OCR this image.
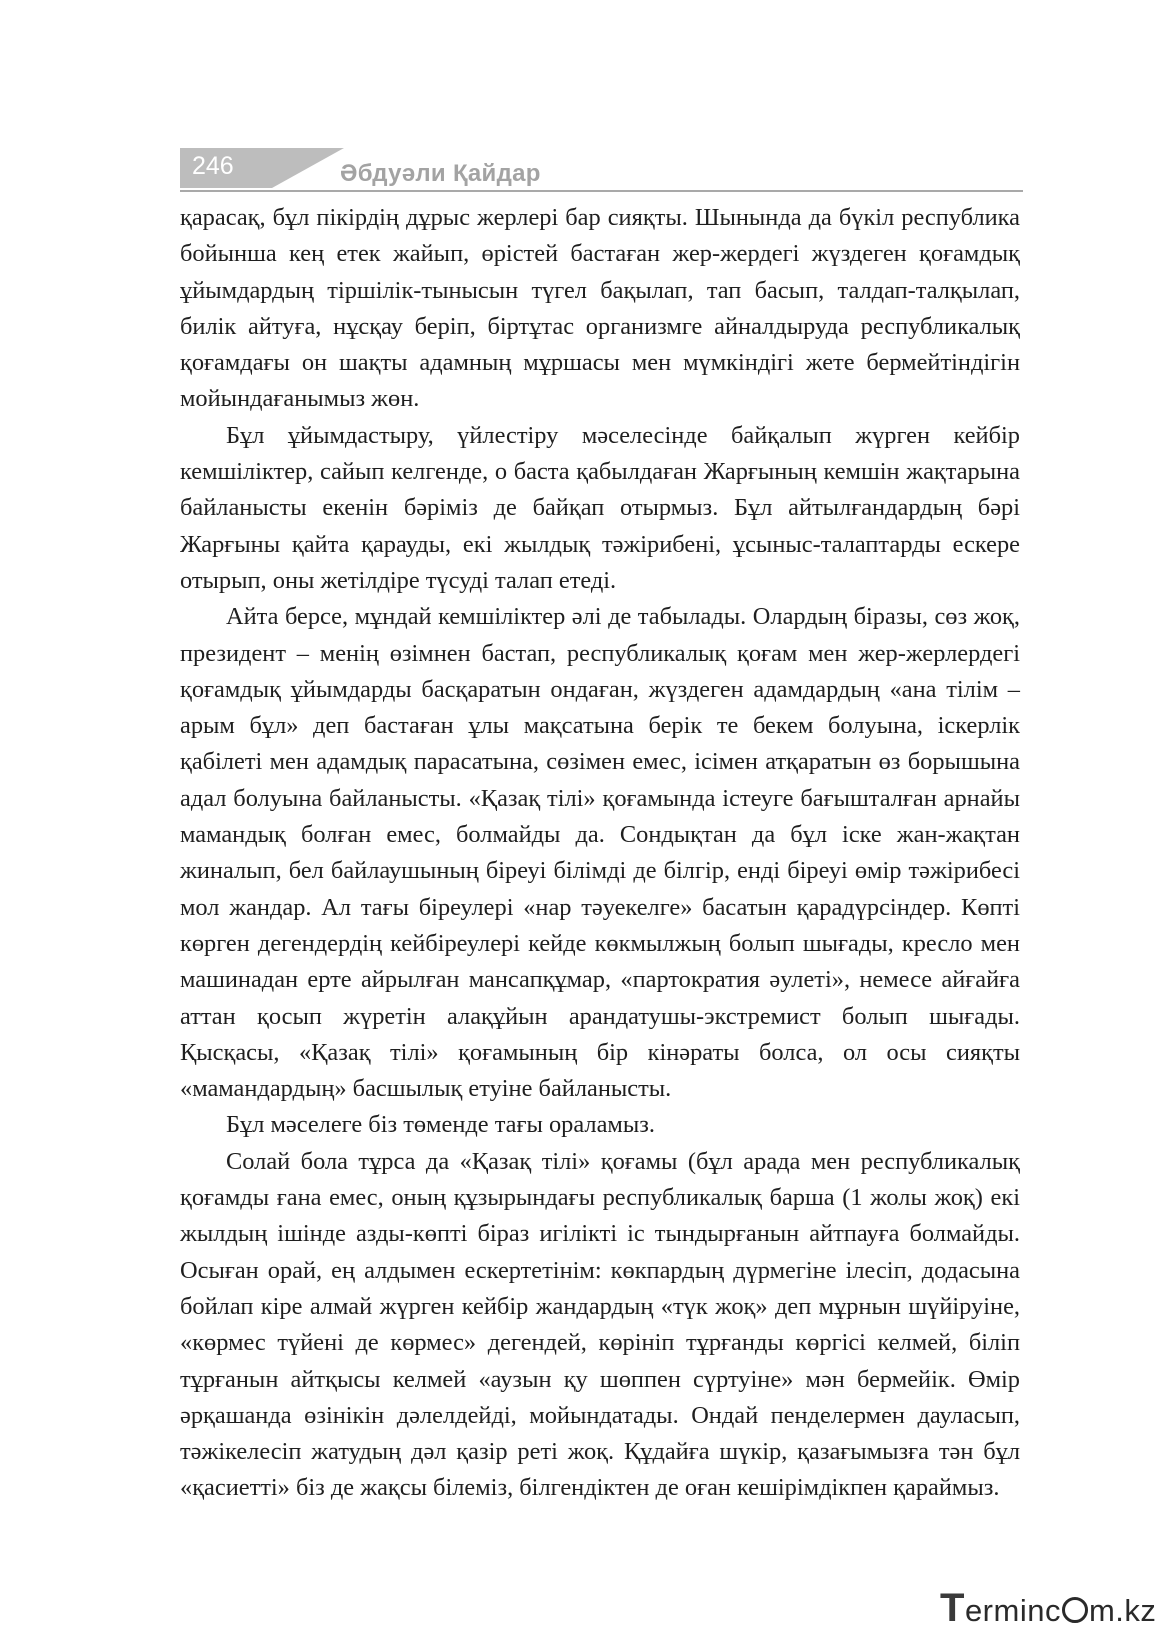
246	Әбдуәли Қайдар

қарасақ, бұл пікірдің дұрыс жерлері бар сияқты. Шынында да бүкіл республика бойынша кең етек жайып, өрістей бастаған жер-жердегі жүздеген қоғамдық ұйымдардың тіршілік-тынысын түгел бақылап, тап басып, талдап-талқылап, билік айтуға, нұсқау беріп, біртұтас организмге айналдыруда республикалық қоғамдағы он шақты адамның мұршасы мен мүмкіндігі жете бермейтіндігін мойындағанымыз жөн.

Бұл ұйымдастыру, үйлестіру мәселесінде байқалып жүрген кейбір кемшіліктер, сайып келгенде, о баста қабылдаған Жарғының кемшін жақтарына байланысты екенін бәріміз де байқап отырмыз. Бұл айтылғандардың бәрі Жарғыны қайта қарауды, екі жылдық тәжірибені, ұсыныс-талаптарды ескере отырып, оны жетілдіре түсуді талап етеді.

Айта берсе, мұндай кемшіліктер әлі де табылады. Олардың біразы, сөз жоқ, президент – менің өзімнен бастап, республикалық қоғам мен жер-жерлердегі қоғамдық ұйымдарды басқаратын ондаған, жүздеген адамдардың «ана тілім – арым бұл» деп бастаған ұлы мақсатына берік те бекем болуына, іскерлік қабілеті мен адамдық парасатына, сөзімен емес, ісімен атқаратын өз борышына адал болуына байланысты. «Қазақ тілі» қоғамында істеуге бағышталған арнайы мамандық болған емес, болмайды да. Сондықтан да бұл іске жан-жақтан жиналып, бел байлаушының біреуі білімді де білгір, енді біреуі өмір тәжірибесі мол жандар. Ал тағы біреулері «нар тәуекелге» басатын қарадүрсіндер. Көпті көрген дегендердің кейбіреулері кейде көкмылжың болып шығады, кресло мен машинадан ерте айрылған мансапқұмар, «партократия әулеті», немесе айғайға аттан қосып жүретін алақұйын арандатушы-экстремист болып шығады. Қысқасы, «Қазақ тілі» қоғамының бір кінәраты болса, ол осы сияқты «мамандардың» басшылық етуіне байланысты.

Бұл мәселеге біз төменде тағы ораламыз.

Солай бола тұрса да «Қазақ тілі» қоғамы (бұл арада мен республикалық қоғамды ғана емес, оның құзырындағы республикалық барша (1 жолы жоқ) екі жылдың ішінде азды-көпті біраз игілікті іс тындырғанын айтпауға болмайды. Осыған орай, ең алдымен ескертетінім: көкпардың дүрмегіне ілесіп, додасына бойлап кіре алмай жүрген кейбір жандардың «түк жоқ» деп мұрнын шүйіруіне, «көрмес түйені де көрмес» дегендей, көрініп тұрғанды көргісі келмей, біліп тұрғанын айтқысы келмей «аузын қу шөппен сүртуіне» мән бермейік. Өмір әрқашанда өзінікін дәлелдейді, мойындатады. Ондай пенделермен дауласып, тәжікелесіп жатудың дәл қазір реті жоқ. Құдайға шүкір, қазағымызға тән бұл «қасиетті» біз де жақсы білеміз, білгендіктен де оған кешірімдікпен қараймыз.

Terminc m.kz
